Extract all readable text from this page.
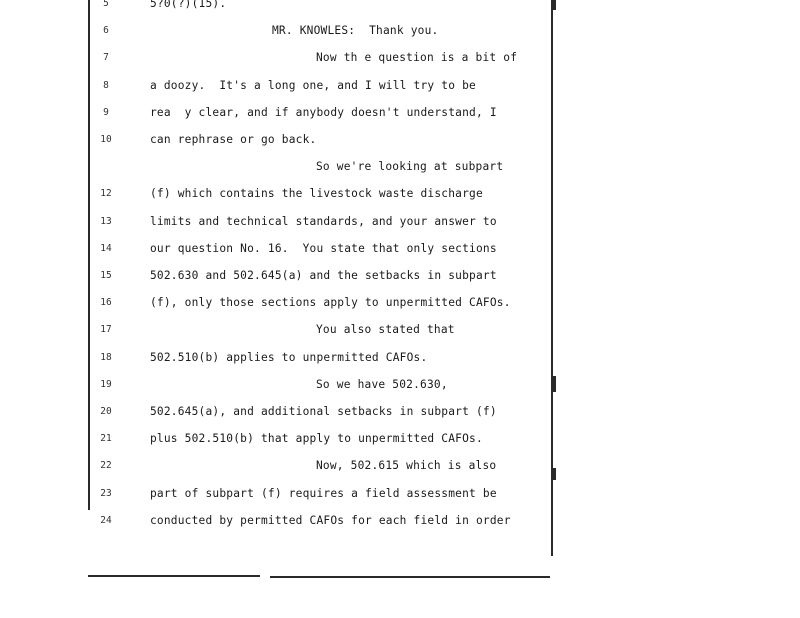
5	5?0(?)(15).
6	MR. KNOWLES:  Thank you.
7	Now th e question is a bit of
8	a doozy.  It's a long one, and I will try to be
9	rea  y clear, and if anybody doesn't understand, I
10	can rephrase or go back.
So we're looking at subpart
12	(f) which contains the livestock waste discharge
13	limits and technical standards, and your answer to
14	our question No. 16.  You state that only sections
15	502.630 and 502.645(a) and the setbacks in subpart
16	(f), only those sections apply to unpermitted CAFOs.
17	You also stated that
18	502.510(b) applies to unpermitted CAFOs.
19	So we have 502.630,
20	502.645(a), and additional setbacks in subpart (f)
21	plus 502.510(b) that apply to unpermitted CAFOs.
22	Now, 502.615 which is also
23	part of subpart (f) requires a field assessment be
24	conducted by permitted CAFOs for each field in order
